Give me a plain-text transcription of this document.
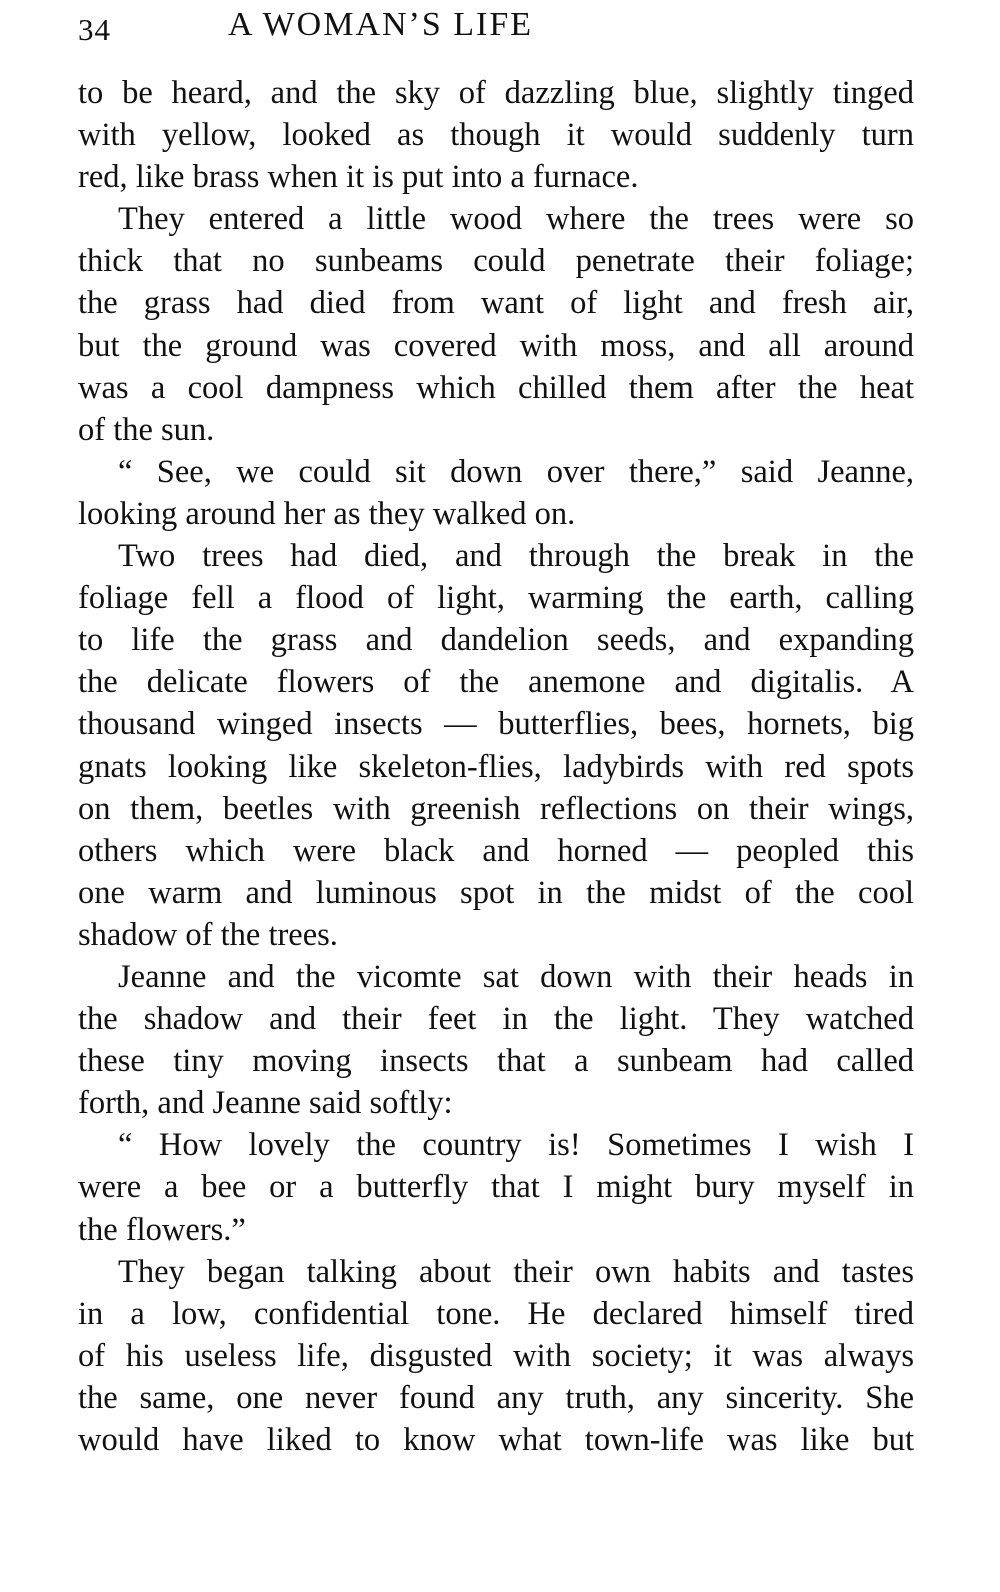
34	A WOMAN’S LIFE
to be heard, and the sky of dazzling blue, slightly tinged
with yellow, looked as though it would suddenly turn
red, like brass when it is put into a furnace.
They entered a little wood where the trees were so
thick that no sunbeams could penetrate their foliage;
the grass had died from want of light and fresh air,
but the ground was covered with moss, and all around
was a cool dampness which chilled them after the heat
of the sun.
“ See, we could sit down over there,” said Jeanne,
looking around her as they walked on.
Two trees had died, and through the break in the
foliage fell a flood of light, warming the earth, calling
to life the grass and dandelion seeds, and expanding
the delicate flowers of the anemone and digitalis. A
thousand winged insects — butterflies, bees, hornets, big
gnats looking like skeleton-flies, ladybirds with red spots
on them, beetles with greenish reflections on their wings,
others which were black and horned — peopled this
one warm and luminous spot in the midst of the cool
shadow of the trees.
Jeanne and the vicomte sat down with their heads in
the shadow and their feet in the light. They watched
these tiny moving insects that a sunbeam had called
forth, and Jeanne said softly:
“ How lovely the country is! Sometimes I wish I
were a bee or a butterfly that I might bury myself in
the flowers.”
They began talking about their own habits and tastes
in a low, confidential tone. He declared himself tired
of his useless life, disgusted with society; it was always
the same, one never found any truth, any sincerity. She
would have liked to know what town-life was like but
